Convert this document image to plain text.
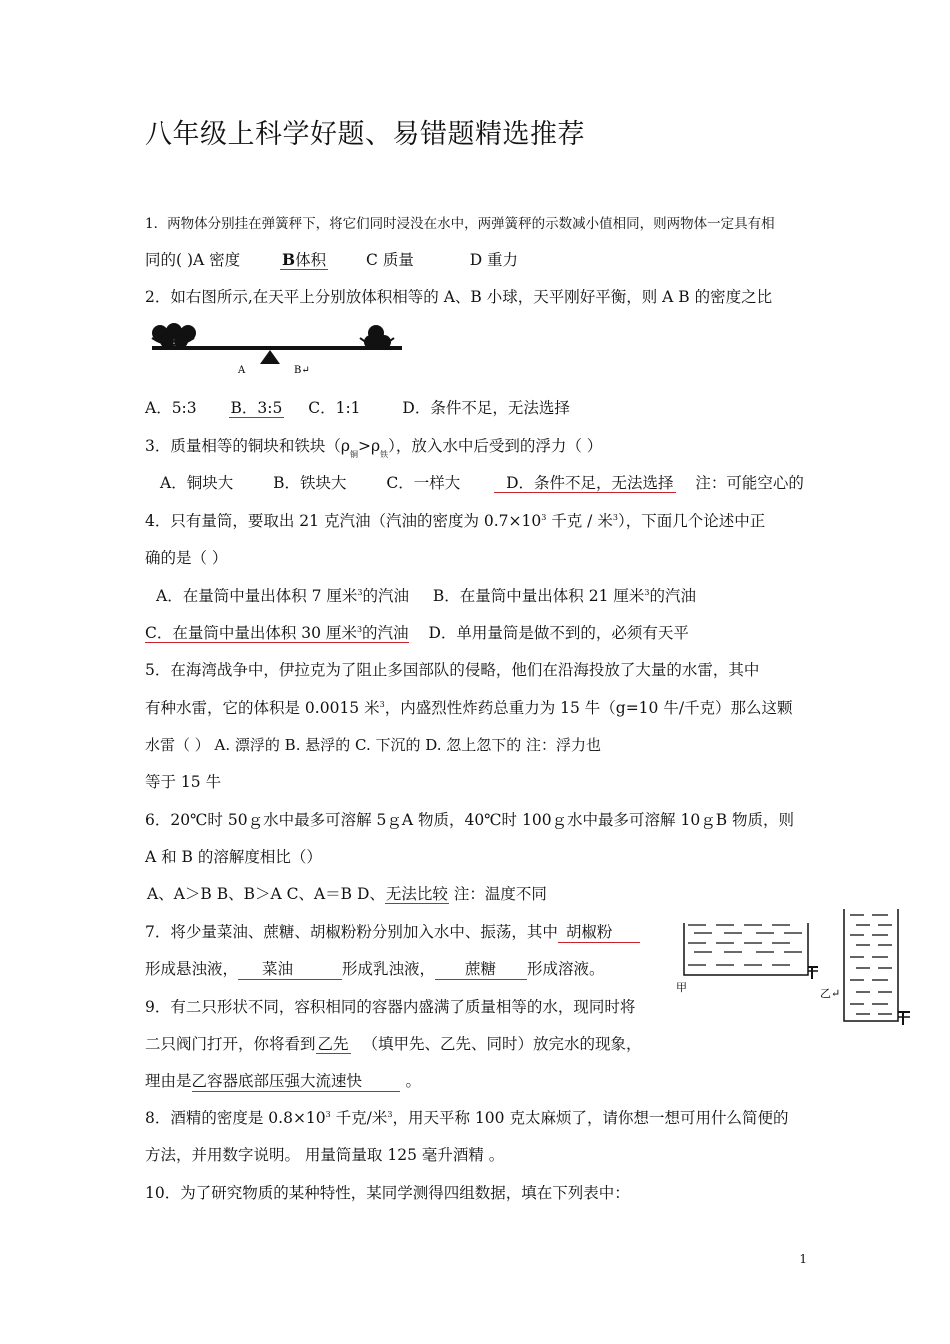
八年级上科学好题、易错题精选推荐
1．两物体分别挂在弹簧秤下，将它们同时浸没在水中，两弹簧秤的示数减小值相同，则两物体一定具有相
同的( )A 密度	B体积	C 质量	D 重力
2．如右图所示,在天平上分别放体积相等的 A、B 小球，天平刚好平衡，则 A B 的密度之比
A	B↵
A．5:3 B．3:5 C．1:1	D．条件不足，无法选择
3．质量相等的铜块和铁块$(\rho_铜>\rho_铁)$，放入水中后受到的浮力（ ）
A．铜块大	B．铁块大	C．一样大	D．条件不足，无法选择 注：可能空心的
4．只有量筒，要取出 21 克汽油（汽油的密度为 $0.7\times 10^3$ 千克 / 米$^3$），下面几个论述中正
确的是（ ）
A．在量筒中量出体积 7 厘米$^3$的汽油 B．在量筒中量出体积 21 厘米$^3$的汽油
C．在量筒中量出体积 30 厘米$^3$的汽油 D．单用量筒是做不到的，必须有天平
5．在海湾战争中，伊拉克为了阻止多国部队的侵略，他们在沿海投放了大量的水雷，其中
有种水雷，它的体积是 0.0015 米$^3$，内盛烈性炸药总重力为 15 牛（g=10 牛/千克）那么这颗
水雷（ ） A. 漂浮的 B. 悬浮的 C. 下沉的 D. 忽上忽下的 注：浮力也
等于 15 牛
6．20℃时 50ｇ水中最多可溶解 5ｇA 物质，40℃时 100ｇ水中最多可溶解 10ｇB 物质，则
A 和 B 的溶解度相比（）
A、A＞B B、B＞A C、A＝B D、无法比较 注：温度不同
7．将少量菜油、蔗糖、胡椒粉粉分别加入水中、振荡，其中 胡椒粉
形成悬浊液， 菜油	形成乳浊液， 蔗糖 形成溶液。
9．有二只形状不同，容积相同的容器内盛满了质量相等的水，现同时将
二只阀门打开，你将看到 乙先 （填甲先、乙先、同时）放完水的现象，
理由是乙容器底部压强大流速快	。
甲	乙↵
8．酒精的密度是 $0.8\times 10^3$ 千克/米$^3$，用天平称 100 克太麻烦了，请你想一想可用什么简便的
方法，并用数字说明。 用量筒量取 125 毫升酒精 。
10．为了研究物质的某种特性，某同学测得四组数据，填在下列表中：
1
